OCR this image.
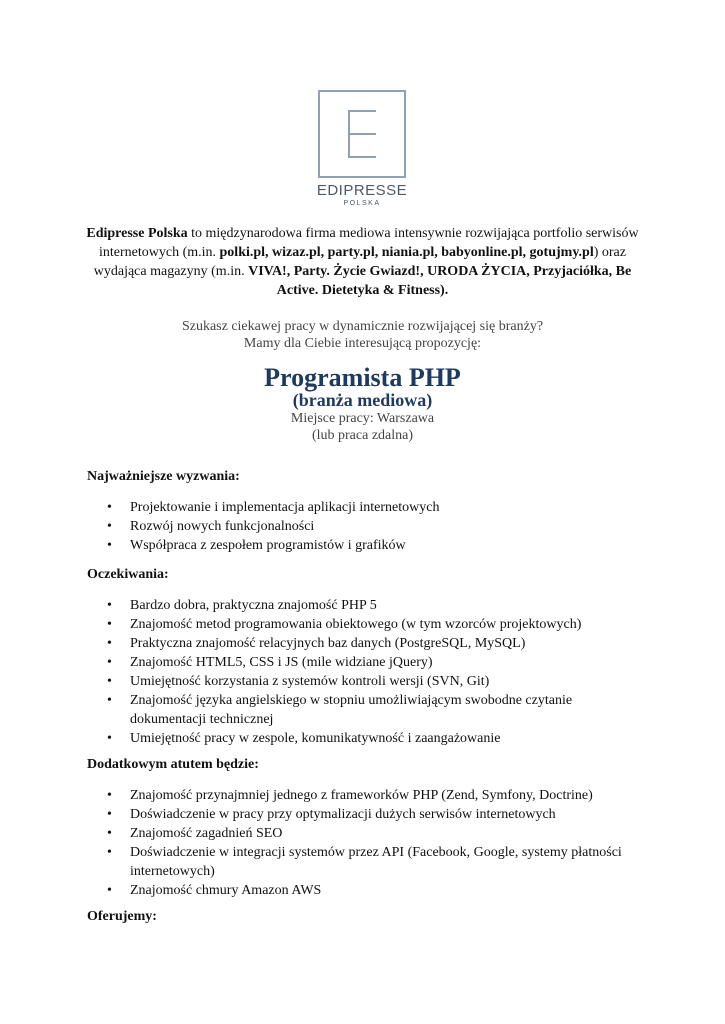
EDIPRESSE
POLSKA
Edipresse Polska to międzynarodowa firma mediowa intensywnie rozwijająca portfolio serwisów internetowych (m.in. polki.pl, wizaz.pl, party.pl, niania.pl, babyonline.pl, gotujmy.pl) oraz wydająca magazyny (m.in. VIVA!, Party. Życie Gwiazd!, URODA ŻYCIA, Przyjaciółka, Be Active. Dietetyka & Fitness).
Szukasz ciekawej pracy w dynamicznie rozwijającej się branży?
Mamy dla Ciebie interesującą propozycję:
Programista PHP
(branża mediowa)
Miejsce pracy: Warszawa
(lub praca zdalna)
Najważniejsze wyzwania:
• Projektowanie i implementacja aplikacji internetowych
• Rozwój nowych funkcjonalności
• Współpraca z zespołem programistów i grafików
Oczekiwania:
• Bardzo dobra, praktyczna znajomość PHP 5
• Znajomość metod programowania obiektowego (w tym wzorców projektowych)
• Praktyczna znajomość relacyjnych baz danych (PostgreSQL, MySQL)
• Znajomość HTML5, CSS i JS (mile widziane jQuery)
• Umiejętność korzystania z systemów kontroli wersji (SVN, Git)
• Znajomość języka angielskiego w stopniu umożliwiającym swobodne czytanie dokumentacji technicznej
• Umiejętność pracy w zespole, komunikatywność i zaangażowanie
Dodatkowym atutem będzie:
• Znajomość przynajmniej jednego z frameworków PHP (Zend, Symfony, Doctrine)
• Doświadczenie w pracy przy optymalizacji dużych serwisów internetowych
• Znajomość zagadnień SEO
• Doświadczenie w integracji systemów przez API (Facebook, Google, systemy płatności internetowych)
• Znajomość chmury Amazon AWS
Oferujemy:
